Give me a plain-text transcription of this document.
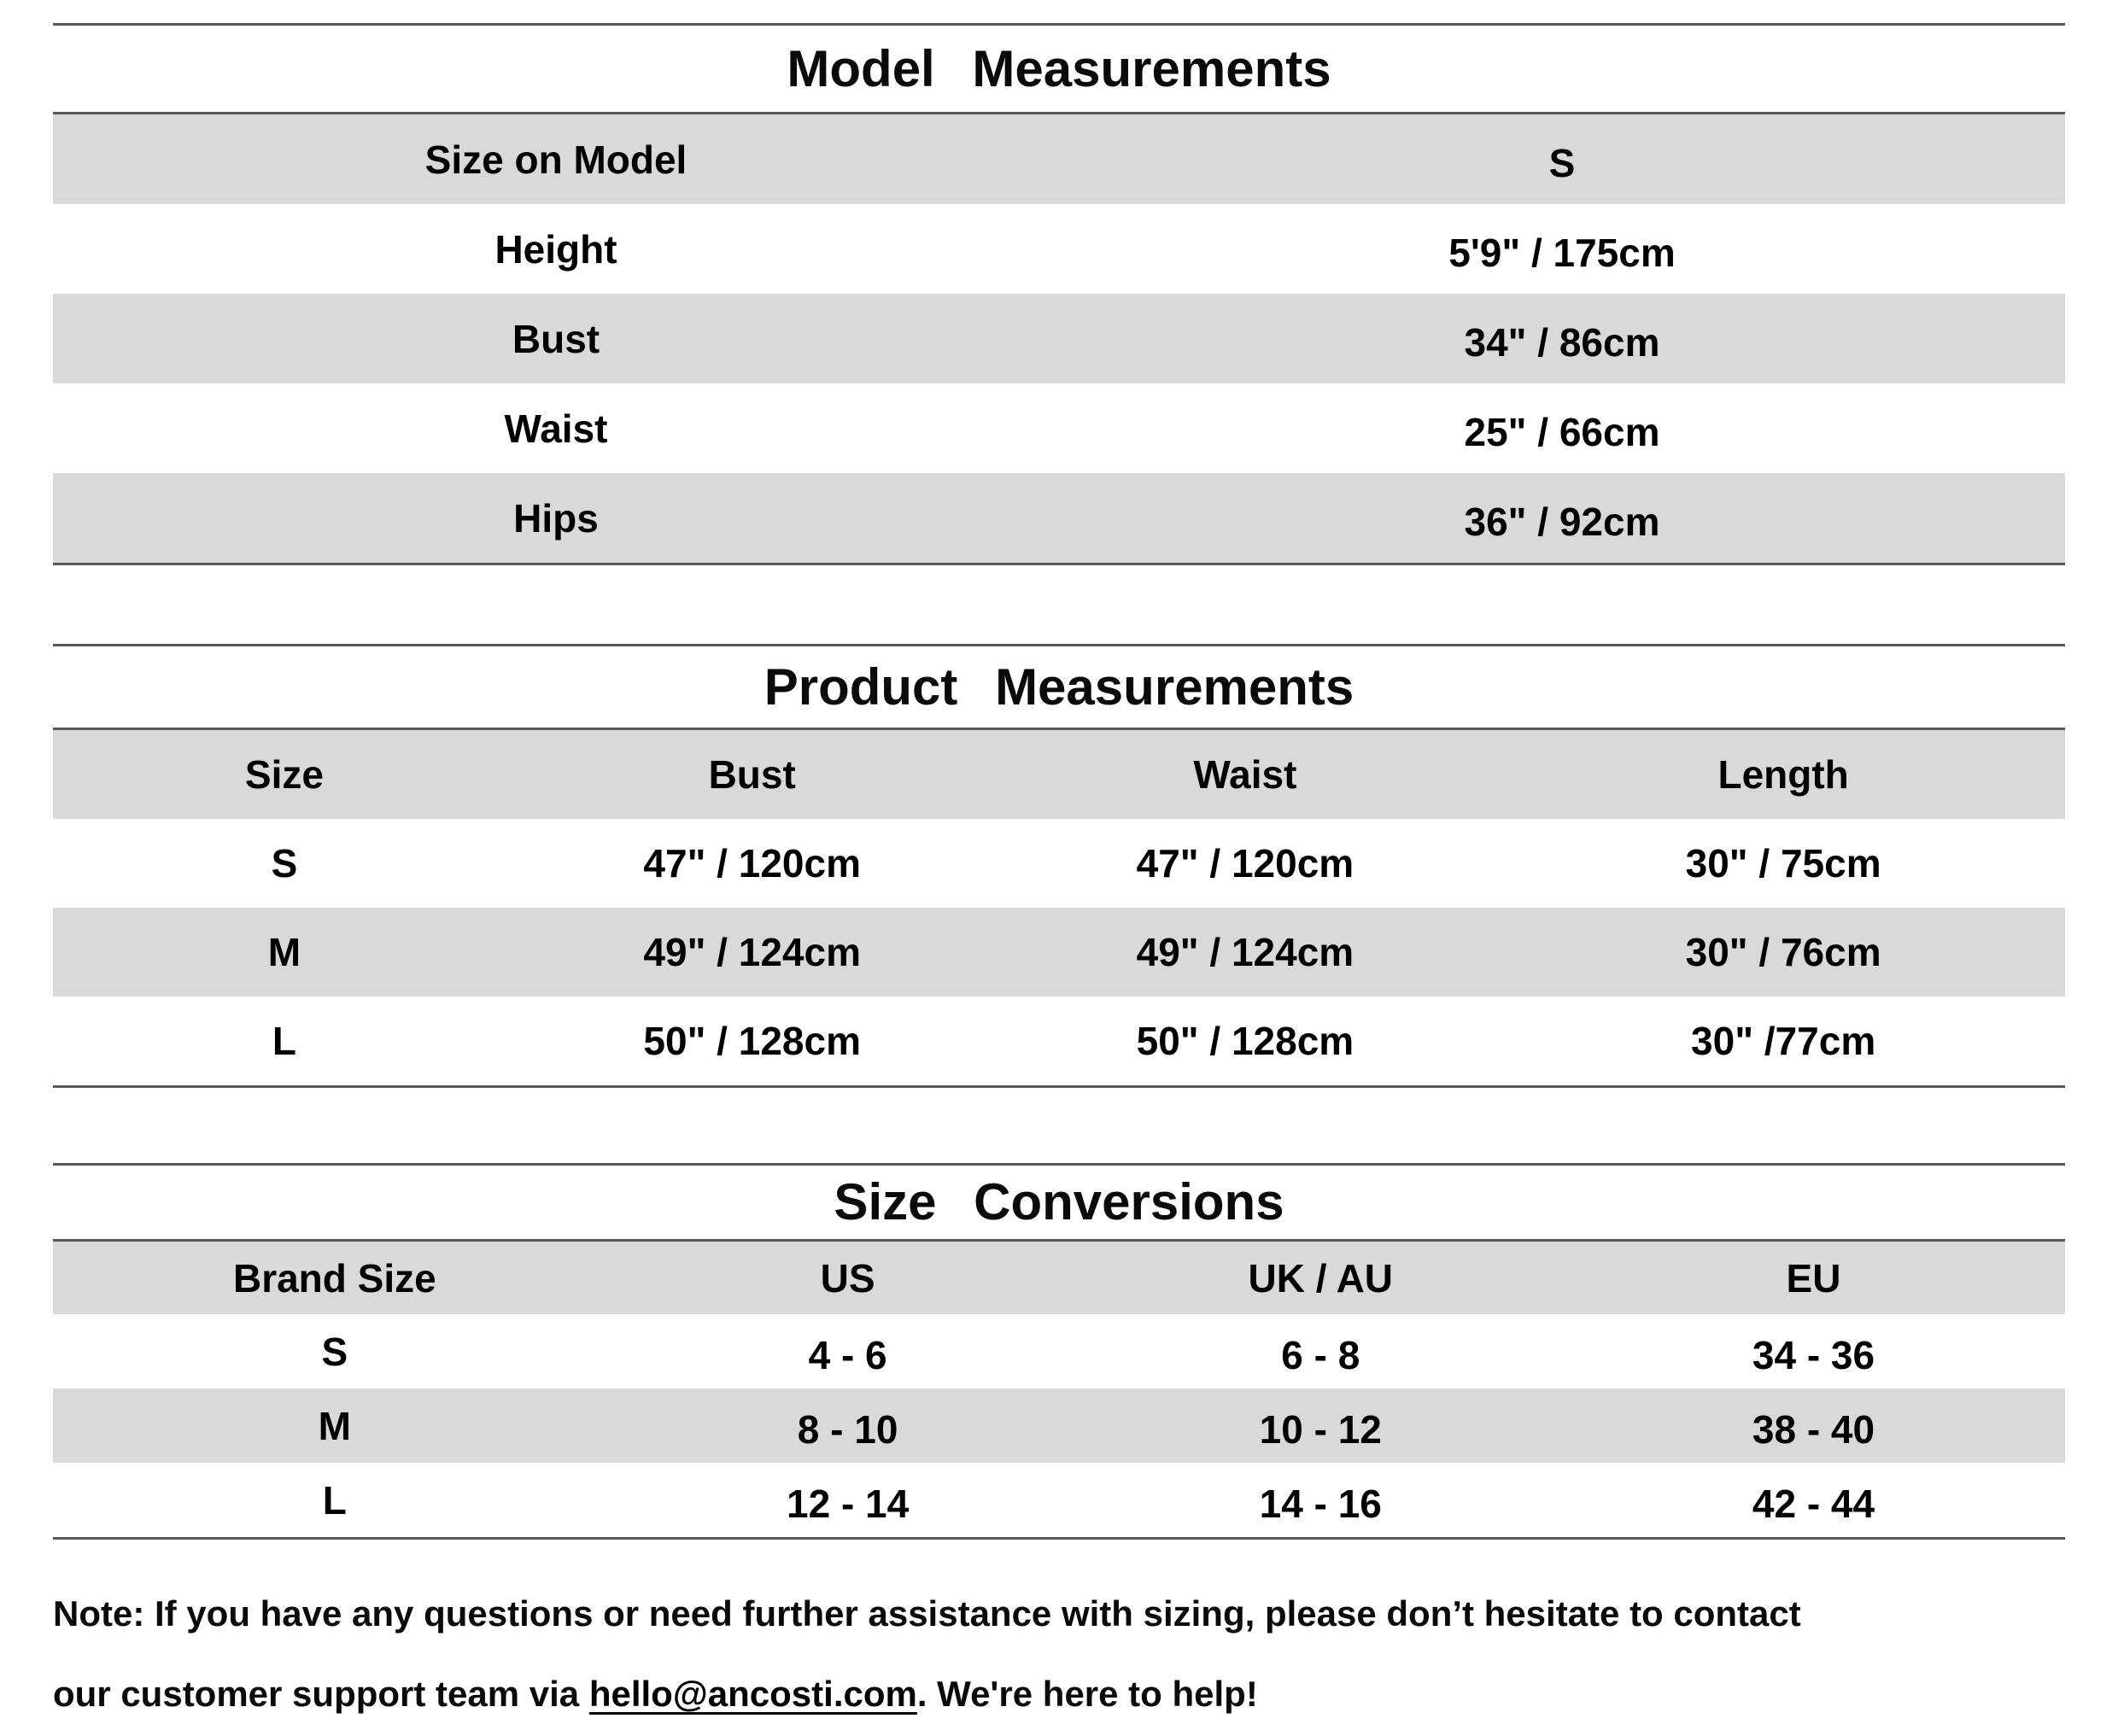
Model Measurements
Size on Model	S
Height	5'9" / 175cm
Bust	34" / 86cm
Waist	25" / 66cm
Hips	36" / 92cm
Product Measurements
Size	Bust	Waist	Length
S	47" / 120cm	47" / 120cm	30" / 75cm
M	49" / 124cm	49" / 124cm	30" / 76cm
L	50" / 128cm	50" / 128cm	30" /77cm
Size Conversions
Brand Size	US	UK / AU	EU
S	4 - 6	6 - 8	34 - 36
M	8 - 10	10 - 12	38 - 40
L	12 - 14	14 - 16	42 - 44
Note: If you have any questions or need further assistance with sizing, please don’t hesitate to contact
our customer support team via hello@ancosti.com. We're here to help!
